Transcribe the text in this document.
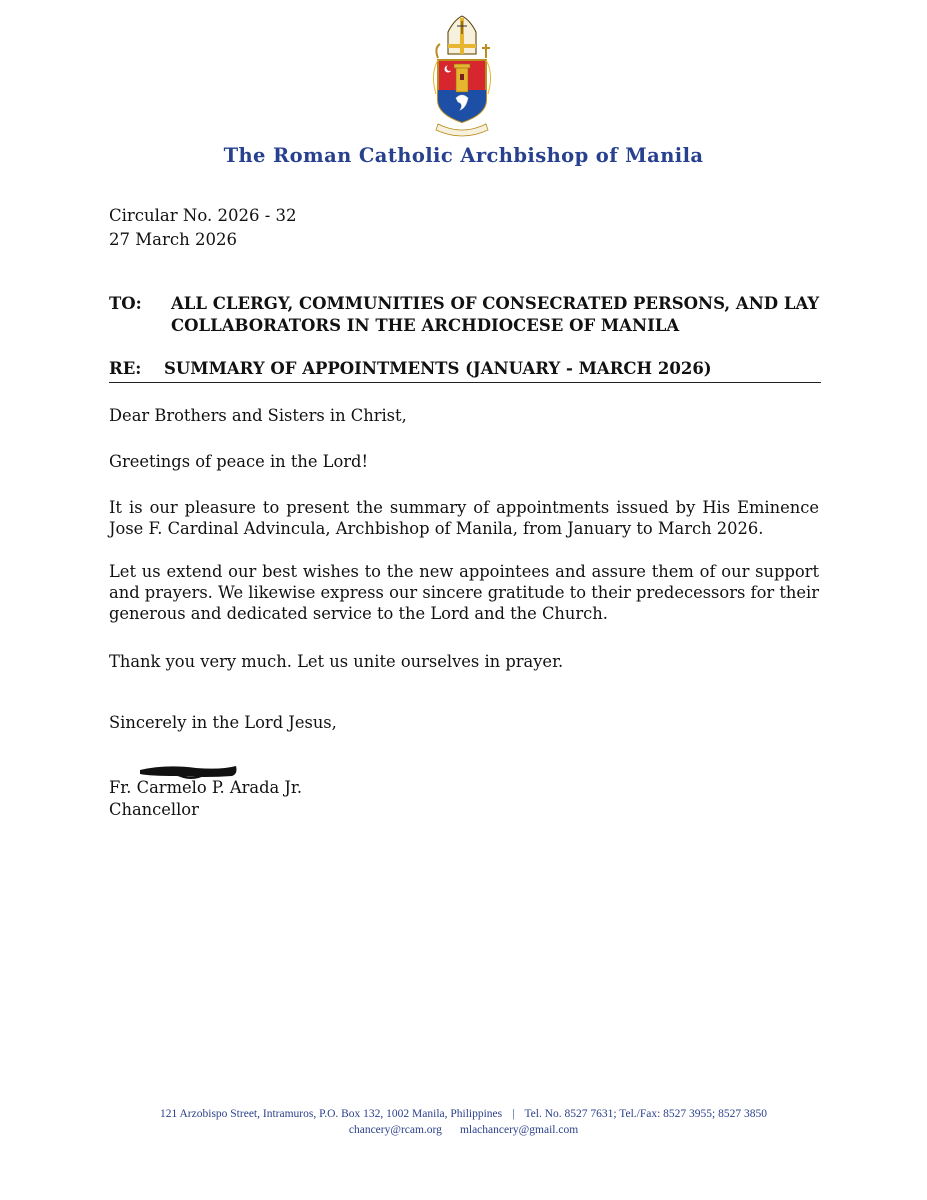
The Roman Catholic Archbishop of Manila
Circular No. 2026 - 32
27 March 2026
TO:	ALL CLERGY, COMMUNITIES OF CONSECRATED PERSONS, AND LAY COLLABORATORS IN THE ARCHDIOCESE OF MANILA
RE:	SUMMARY OF APPOINTMENTS (JANUARY - MARCH 2026)
Dear Brothers and Sisters in Christ,
Greetings of peace in the Lord!
It is our pleasure to present the summary of appointments issued by His Eminence Jose F. Cardinal Advincula, Archbishop of Manila, from January to March 2026.
Let us extend our best wishes to the new appointees and assure them of our support and prayers. We likewise express our sincere gratitude to their predecessors for their generous and dedicated service to the Lord and the Church.
Thank you very much. Let us unite ourselves in prayer.
Sincerely in the Lord Jesus,
Fr. Carmelo P. Arada Jr.
Chancellor
121 Arzobispo Street, Intramuros, P.O. Box 132, 1002 Manila, Philippines | Tel. No. 8527 7631; Tel./Fax: 8527 3955; 8527 3850
chancery@rcam.org mlachancery@gmail.com
